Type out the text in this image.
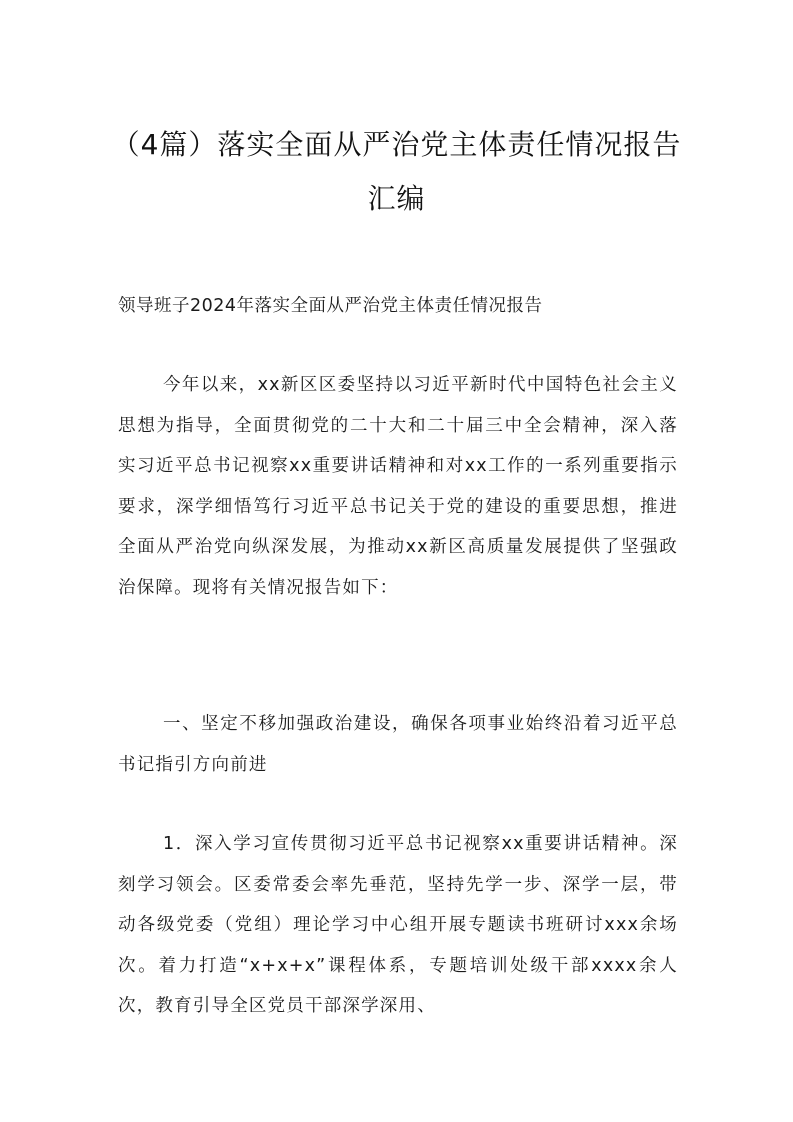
（4篇）落实全面从严治党主体责任情况报告汇编

领导班子2024年落实全面从严治党主体责任情况报告

今年以来，xx新区区委坚持以习近平新时代中国特色社会主义思想为指导，全面贯彻党的二十大和二十届三中全会精神，深入落实习近平总书记视察xx重要讲话精神和对xx工作的一系列重要指示要求，深学细悟笃行习近平总书记关于党的建设的重要思想，推进全面从严治党向纵深发展，为推动xx新区高质量发展提供了坚强政治保障。现将有关情况报告如下：

一、坚定不移加强政治建设，确保各项事业始终沿着习近平总书记指引方向前进

1．深入学习宣传贯彻习近平总书记视察xx重要讲话精神。深刻学习领会。区委常委会率先垂范，坚持先学一步、深学一层，带动各级党委（党组）理论学习中心组开展专题读书班研讨xxx余场次。着力打造“x+x+x”课程体系，专题培训处级干部xxxx余人次，教育引导全区党员干部深学深用、
